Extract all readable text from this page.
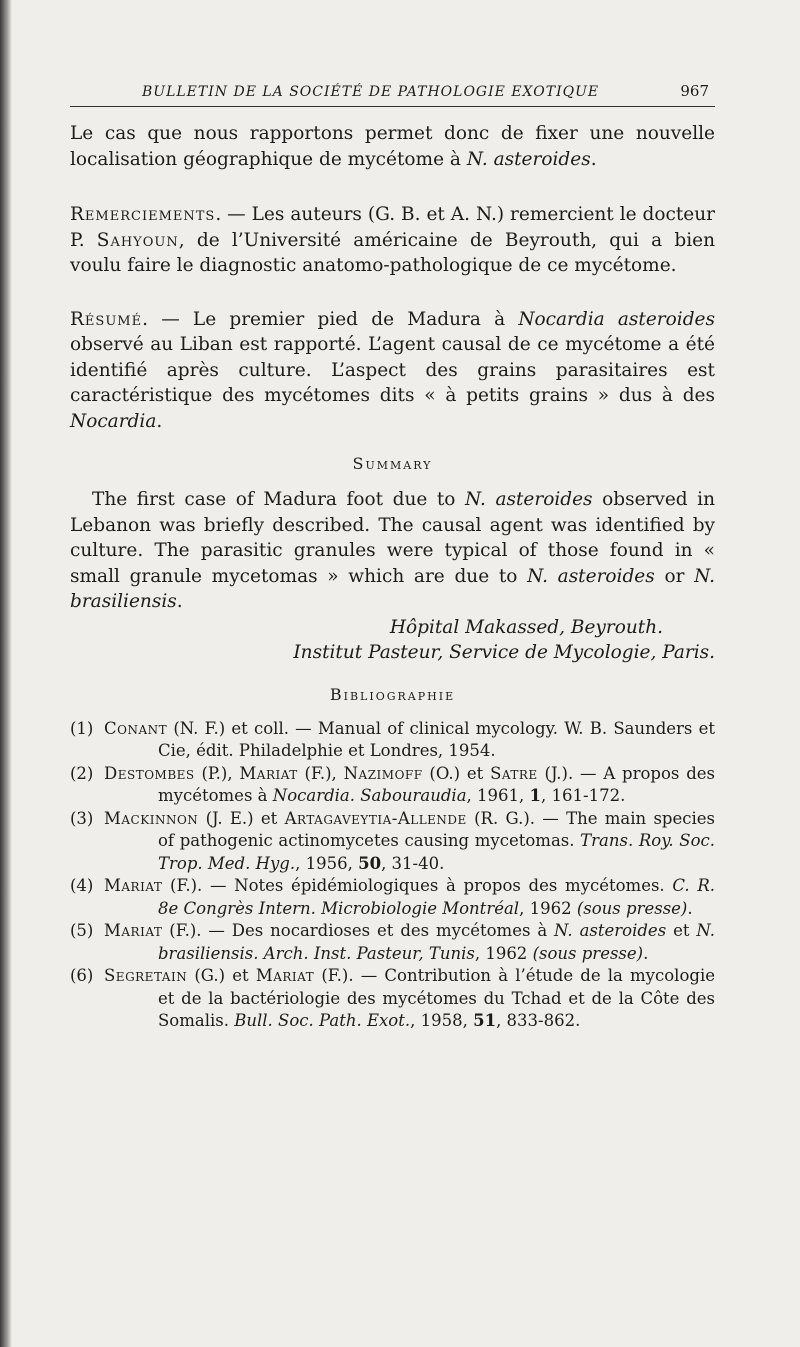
BULLETIN DE LA SOCIÉTÉ DE PATHOLOGIE EXOTIQUE	967

Le cas que nous rapportons permet donc de fixer une nouvelle localisation géographique de mycétome à N. asteroides.

Remerciements. — Les auteurs (G. B. et A. N.) remercient le docteur P. Sahyoun, de l’Université américaine de Beyrouth, qui a bien voulu faire le diagnostic anatomo-pathologique de ce mycétome.

Résumé. — Le premier pied de Madura à Nocardia asteroides observé au Liban est rapporté. L’agent causal de ce mycétome a été identifié après culture. L’aspect des grains parasitaires est caractéristique des mycétomes dits « à petits grains » dus à des Nocardia.

Summary

The first case of Madura foot due to N. asteroides observed in Lebanon was briefly described. The causal agent was identified by culture. The parasitic granules were typical of those found in « small granule mycetomas » which are due to N. asteroides or N. brasiliensis.

Hôpital Makassed, Beyrouth.
Institut Pasteur, Service de Mycologie, Paris.
Bibliographie

(1) Conant (N. F.) et coll. — Manual of clinical mycology. W. B. Saunders et Cie, édit. Philadelphie et Londres, 1954.

(2) Destombes (P.), Mariat (F.), Nazimoff (O.) et Satre (J.). — A propos des mycétomes à Nocardia. Sabouraudia, 1961, 1, 161-172.

(3) Mackinnon (J. E.) et Artagaveytia-Allende (R. G.). — The main species of pathogenic actinomycetes causing mycetomas. Trans. Roy. Soc. Trop. Med. Hyg., 1956, 50, 31-40.

(4) Mariat (F.). — Notes épidémiologiques à propos des mycétomes. C. R. 8e Congrès Intern. Microbiologie Montréal, 1962 (sous presse).

(5) Mariat (F.). — Des nocardioses et des mycétomes à N. asteroides et N. brasiliensis. Arch. Inst. Pasteur, Tunis, 1962 (sous presse).

(6) Segretain (G.) et Mariat (F.). — Contribution à l’étude de la mycologie et de la bactériologie des mycétomes du Tchad et de la Côte des Somalis. Bull. Soc. Path. Exot., 1958, 51, 833-862.
